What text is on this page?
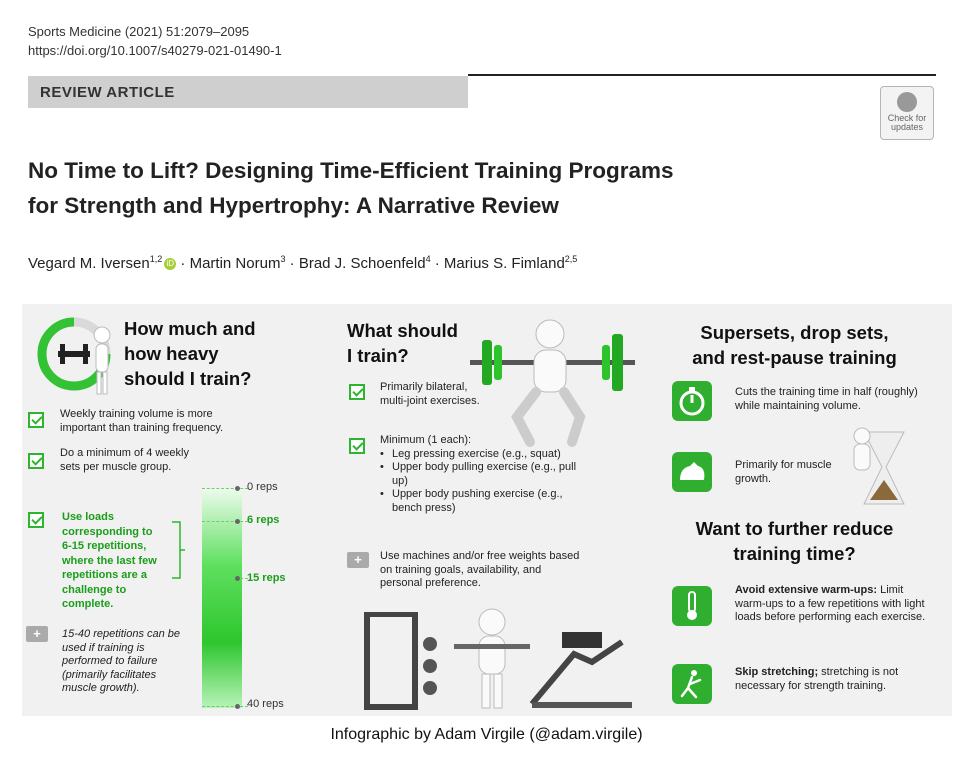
Sports Medicine (2021) 51:2079–2095
https://doi.org/10.1007/s40279-021-01490-1
REVIEW ARTICLE
Check for updates
No Time to Lift? Designing Time-Efficient Training Programs
for Strength and Hypertrophy: A Narrative Review
Vegard M. Iversen$^{1,2}$ iD · Martin Norum$^3$ · Brad J. Schoenfeld$^4$ · Marius S. Fimland$^{2,5}$
How much and
how heavy
should I train?
Weekly training volume is more important than training frequency.
Do a minimum of 4 weekly sets per muscle group.
Use loads corresponding to 6-15 repetitions, where the last few repetitions are a challenge to complete.
+	15-40 repetitions can be used if training is performed to failure (primarily facilitates muscle growth).
0 reps
6 reps
15 reps
40 reps
What should
I train?
Primarily bilateral, multi-joint exercises.
Minimum (1 each):
• Leg pressing exercise (e.g., squat)
• Upper body pulling exercise (e.g., pull up)
• Upper body pushing exercise (e.g., bench press)
+	Use machines and/or free weights based on training goals, availability, and personal preference.
Supersets, drop sets,
and rest-pause training
Cuts the training time in half (roughly) while maintaining volume.
Primarily for muscle growth.
Want to further reduce
training time?
Avoid extensive warm-ups: Limit warm-ups to a few repetitions with light loads before performing each exercise.
Skip stretching; stretching is not necessary for strength training.
Infographic by Adam Virgile (@adam.virgile)
